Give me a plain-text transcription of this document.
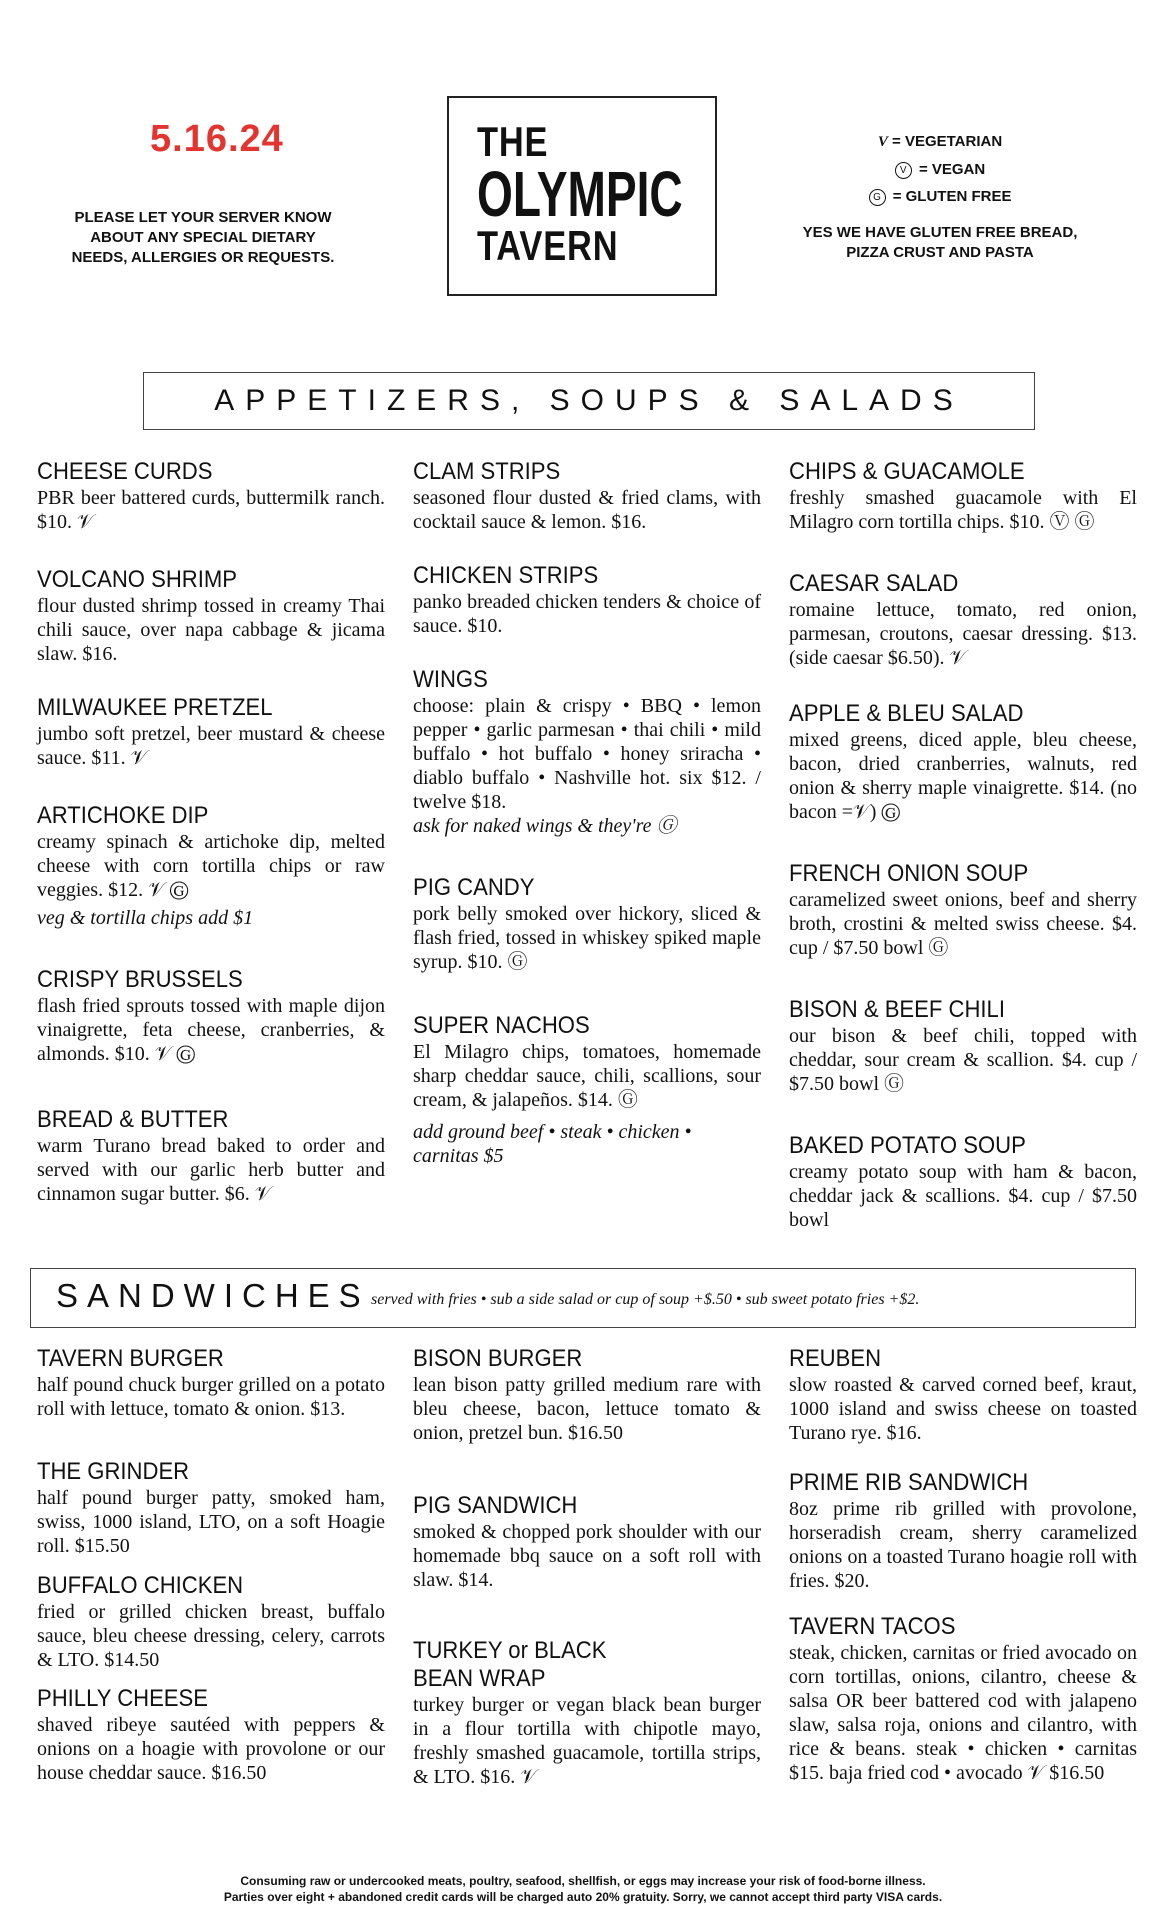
5.16.24
PLEASE LET YOUR SERVER KNOW
ABOUT ANY SPECIAL DIETARY
NEEDS, ALLERGIES OR REQUESTS.
THE
OLYMPIC
TAVERN
V = VEGETARIAN
V = VEGAN
G = GLUTEN FREE
YES WE HAVE GLUTEN FREE BREAD,
PIZZA CRUST AND PASTA
APPETIZERS, SOUPS & SALADS
CHEESE CURDS

PBR beer battered curds, buttermilk ranch. $10. 𝒱

VOLCANO SHRIMP

flour dusted shrimp tossed in creamy Thai chili sauce, over napa cabbage & jicama slaw. $16.

MILWAUKEE PRETZEL

jumbo soft pretzel, beer mustard & cheese sauce. $11. 𝒱

ARTICHOKE DIP

creamy spinach & artichoke dip, melted cheese with corn tortilla chips or raw veggies. $12. 𝒱 Ⓖ

veg & tortilla chips add $1

CRISPY BRUSSELS

flash fried sprouts tossed with maple dijon vinaigrette, feta cheese, cranberries, & almonds. $10. 𝒱 Ⓖ

BREAD & BUTTER

warm Turano bread baked to order and served with our garlic herb butter and cinnamon sugar butter. $6. 𝒱

CLAM STRIPS

seasoned flour dusted & fried clams, with cocktail sauce & lemon. $16.

CHICKEN STRIPS

panko breaded chicken tenders & choice of sauce. $10.

WINGS

choose: plain & crispy • BBQ • lemon pepper • garlic parmesan • thai chili • mild buffalo • hot buffalo • honey sriracha • diablo buffalo • Nashville hot. six $12. / twelve $18.

ask for naked wings & they're Ⓖ

PIG CANDY

pork belly smoked over hickory, sliced & flash fried, tossed in whiskey spiked maple syrup. $10. Ⓖ

SUPER NACHOS

El Milagro chips, tomatoes, homemade sharp cheddar sauce, chili, scallions, sour cream, & jalapeños. $14. Ⓖ

add ground beef • steak • chicken • carnitas $5

CHIPS & GUACAMOLE

freshly smashed guacamole with El Milagro corn tortilla chips. $10. Ⓥ Ⓖ

CAESAR SALAD

romaine lettuce, tomato, red onion, parmesan, croutons, caesar dressing. $13. (side caesar $6.50). 𝒱

APPLE & BLEU SALAD

mixed greens, diced apple, bleu cheese, bacon, dried cranberries, walnuts, red onion & sherry maple vinaigrette. $14. (no bacon =𝒱) Ⓖ

FRENCH ONION SOUP

caramelized sweet onions, beef and sherry broth, crostini & melted swiss cheese. $4. cup / $7.50 bowl Ⓖ

BISON & BEEF CHILI

our bison & beef chili, topped with cheddar, sour cream & scallion. $4. cup / $7.50 bowl Ⓖ

BAKED POTATO SOUP

creamy potato soup with ham & bacon, cheddar jack & scallions. $4. cup / $7.50 bowl

SANDWICHES served with fries • sub a side salad or cup of soup +$.50 • sub sweet potato fries +$2.
TAVERN BURGER

half pound chuck burger grilled on a potato roll with lettuce, tomato & onion. $13.

THE GRINDER

half pound burger patty, smoked ham, swiss, 1000 island, LTO, on a soft Hoagie roll. $15.50

BUFFALO CHICKEN

fried or grilled chicken breast, buffalo sauce, bleu cheese dressing, celery, carrots & LTO. $14.50

PHILLY CHEESE

shaved ribeye sautéed with peppers & onions on a hoagie with provolone or our house cheddar sauce. $16.50

BISON BURGER

lean bison patty grilled medium rare with bleu cheese, bacon, lettuce tomato & onion, pretzel bun. $16.50

PIG SANDWICH

smoked & chopped pork shoulder with our homemade bbq sauce on a soft roll with slaw. $14.

TURKEY or BLACK BEAN WRAP

turkey burger or vegan black bean burger in a flour tortilla with chipotle mayo, freshly smashed guacamole, tortilla strips, & LTO. $16. 𝒱

REUBEN

slow roasted & carved corned beef, kraut, 1000 island and swiss cheese on toasted Turano rye. $16.

PRIME RIB SANDWICH

8oz prime rib grilled with provolone, horseradish cream, sherry caramelized onions on a toasted Turano hoagie roll with fries. $20.

TAVERN TACOS

steak, chicken, carnitas or fried avocado on corn tortillas, onions, cilantro, cheese & salsa OR beer battered cod with jalapeno slaw, salsa roja, onions and cilantro, with rice & beans. steak • chicken • carnitas $15. baja fried cod • avocado 𝒱 $16.50

Consuming raw or undercooked meats, poultry, seafood, shellfish, or eggs may increase your risk of food-borne illness.
Parties over eight + abandoned credit cards will be charged auto 20% gratuity. Sorry, we cannot accept third party VISA cards.
